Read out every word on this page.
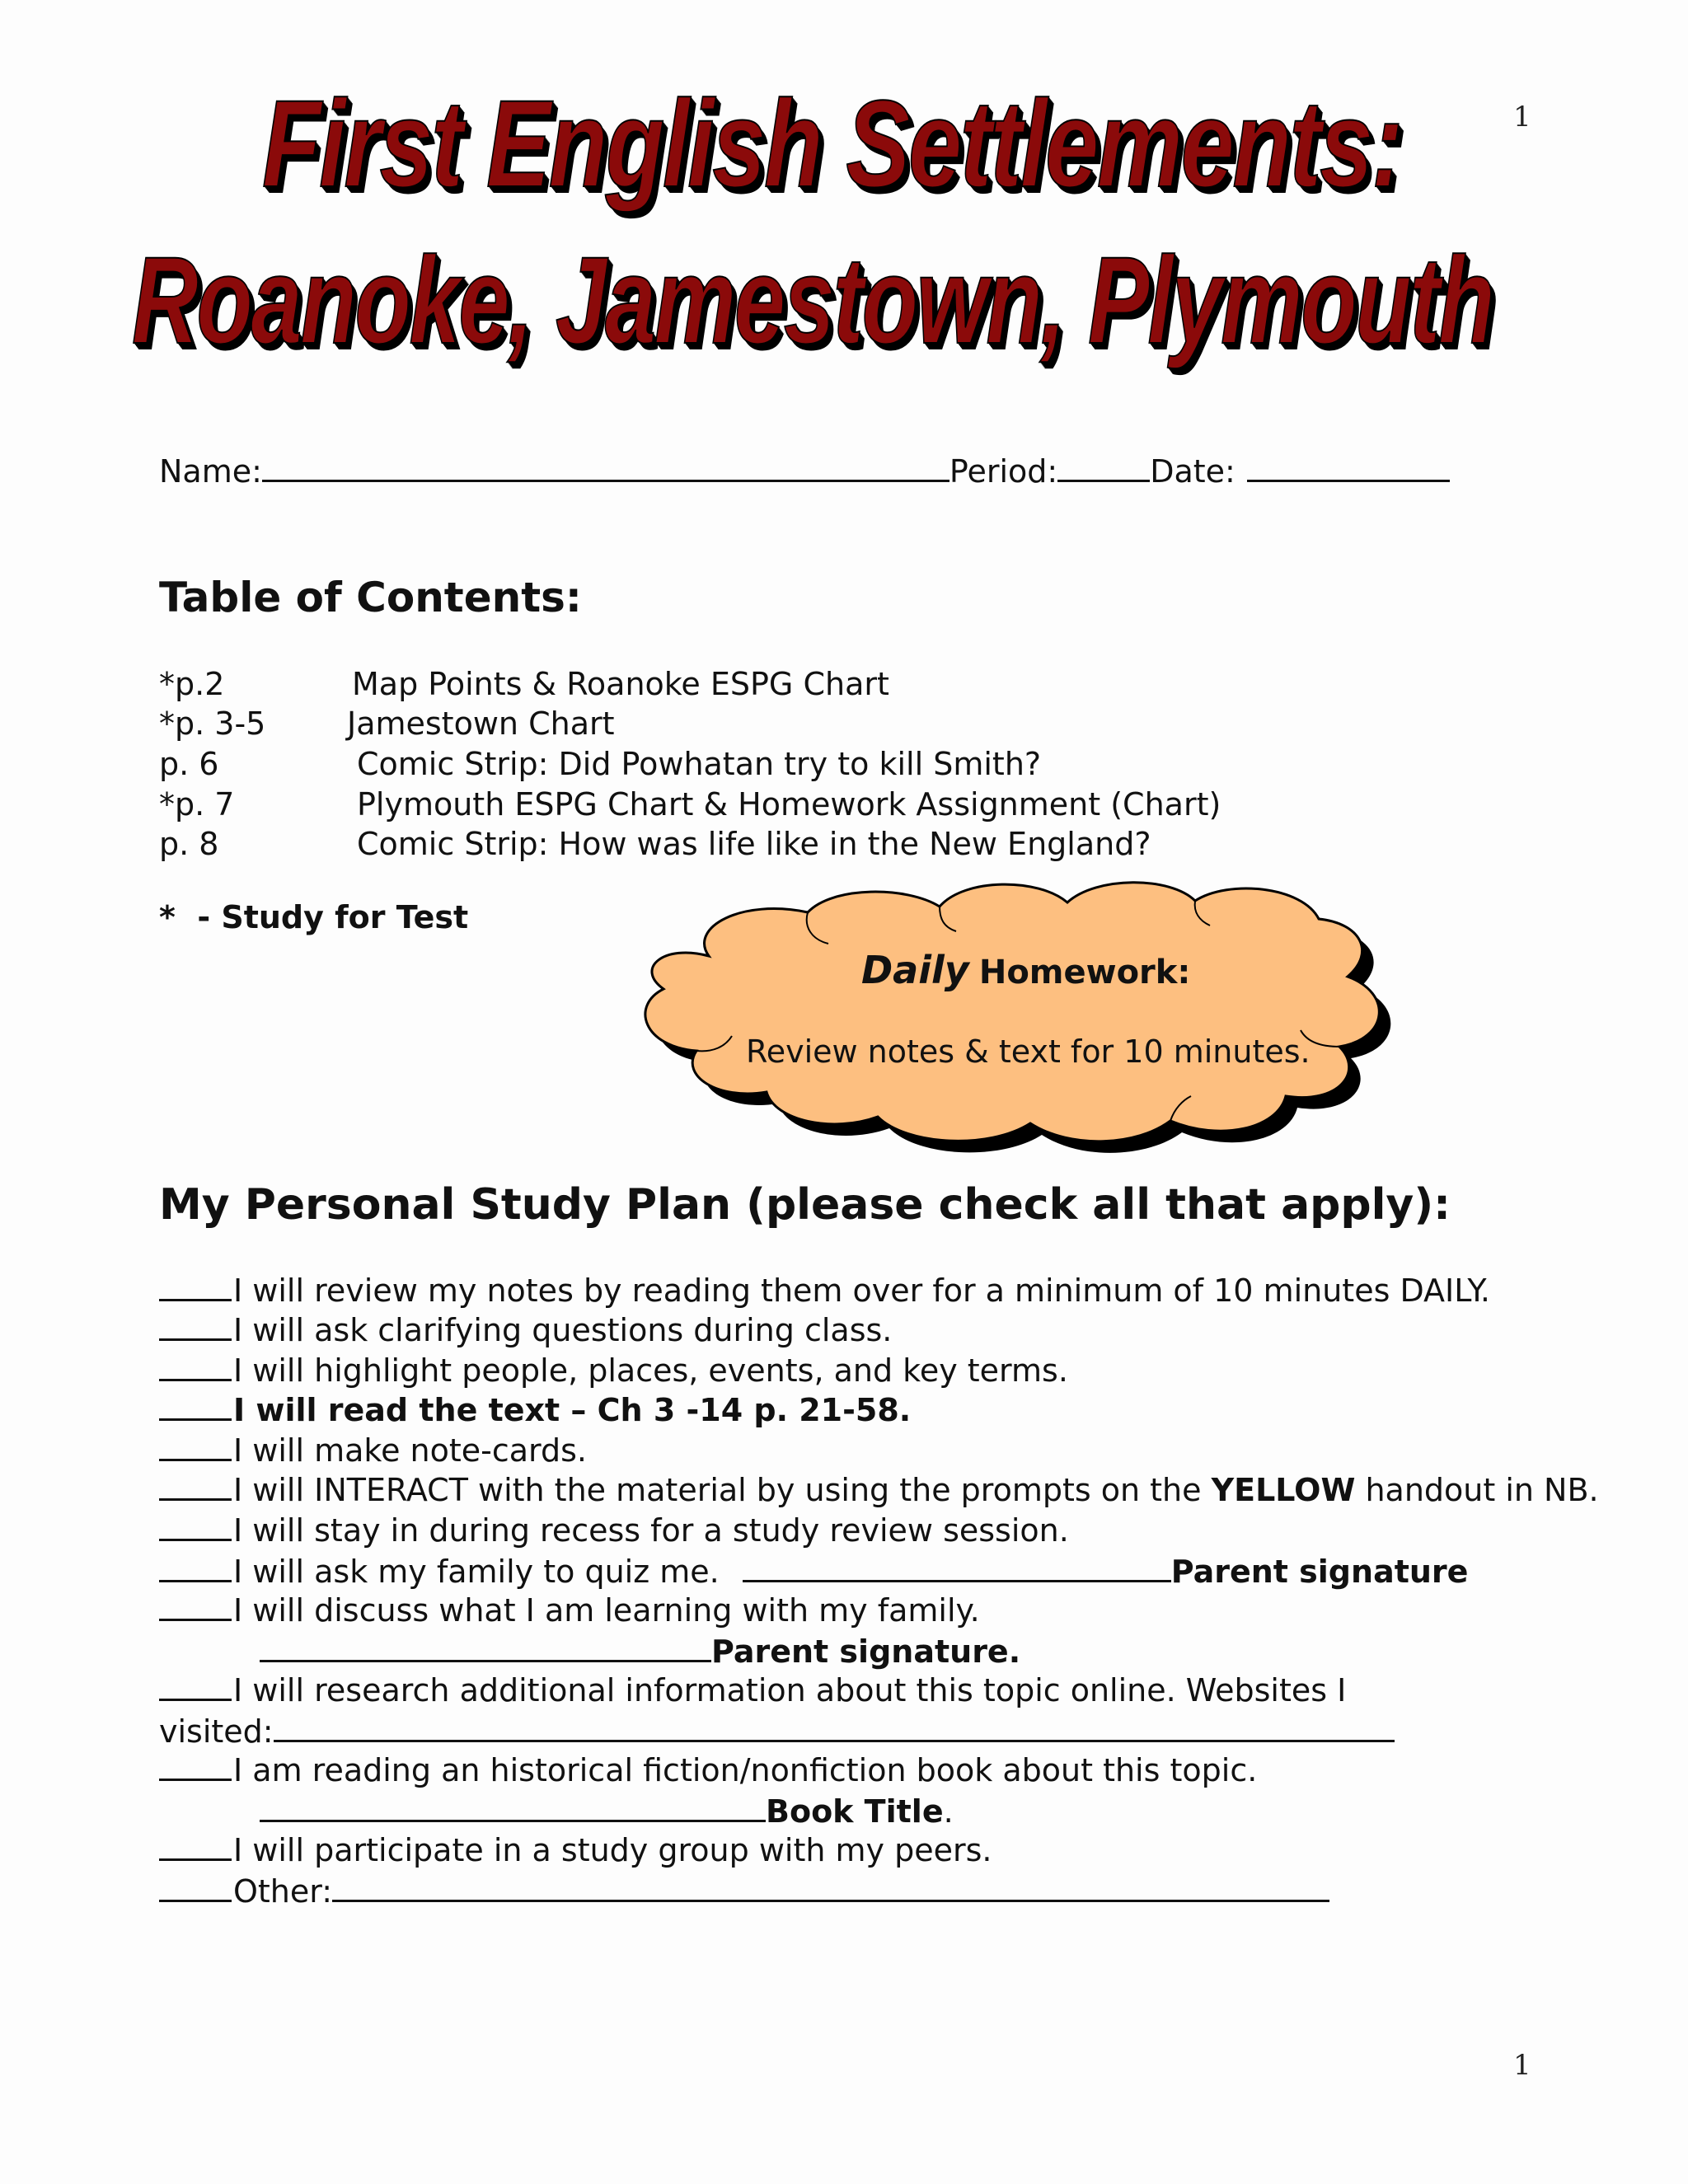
1
1
First English Settlements:
Roanoke, Jamestown, Plymouth
Name:	Period:	Date:
Table of Contents:
*p.2	Map Points & Roanoke ESPG Chart
*p. 3-5	Jamestown Chart
p. 6	Comic Strip: Did Powhatan try to kill Smith?
*p. 7	Plymouth ESPG Chart & Homework Assignment (Chart)
p. 8	Comic Strip: How was life like in the New England?
*  - Study for Test
Daily Homework:
Review notes & text for 10 minutes.
My Personal Study Plan (please check all that apply):
I will review my notes by reading them over for a minimum of 10 minutes DAILY.
I will ask clarifying questions during class.
I will highlight people, places, events, and key terms.
I will read the text – Ch 3 -14 p. 21-58.
I will make note-cards.
I will INTERACT with the material by using the prompts on the YELLOW handout in NB.
I will stay in during recess for a study review session.
I will ask my family to quiz me.	Parent signature
I will discuss what I am learning with my family.
Parent signature.
I will research additional information about this topic online. Websites I
visited:
I am reading an historical fiction/nonfiction book about this topic.
Book Title.
I will participate in a study group with my peers.
Other:
